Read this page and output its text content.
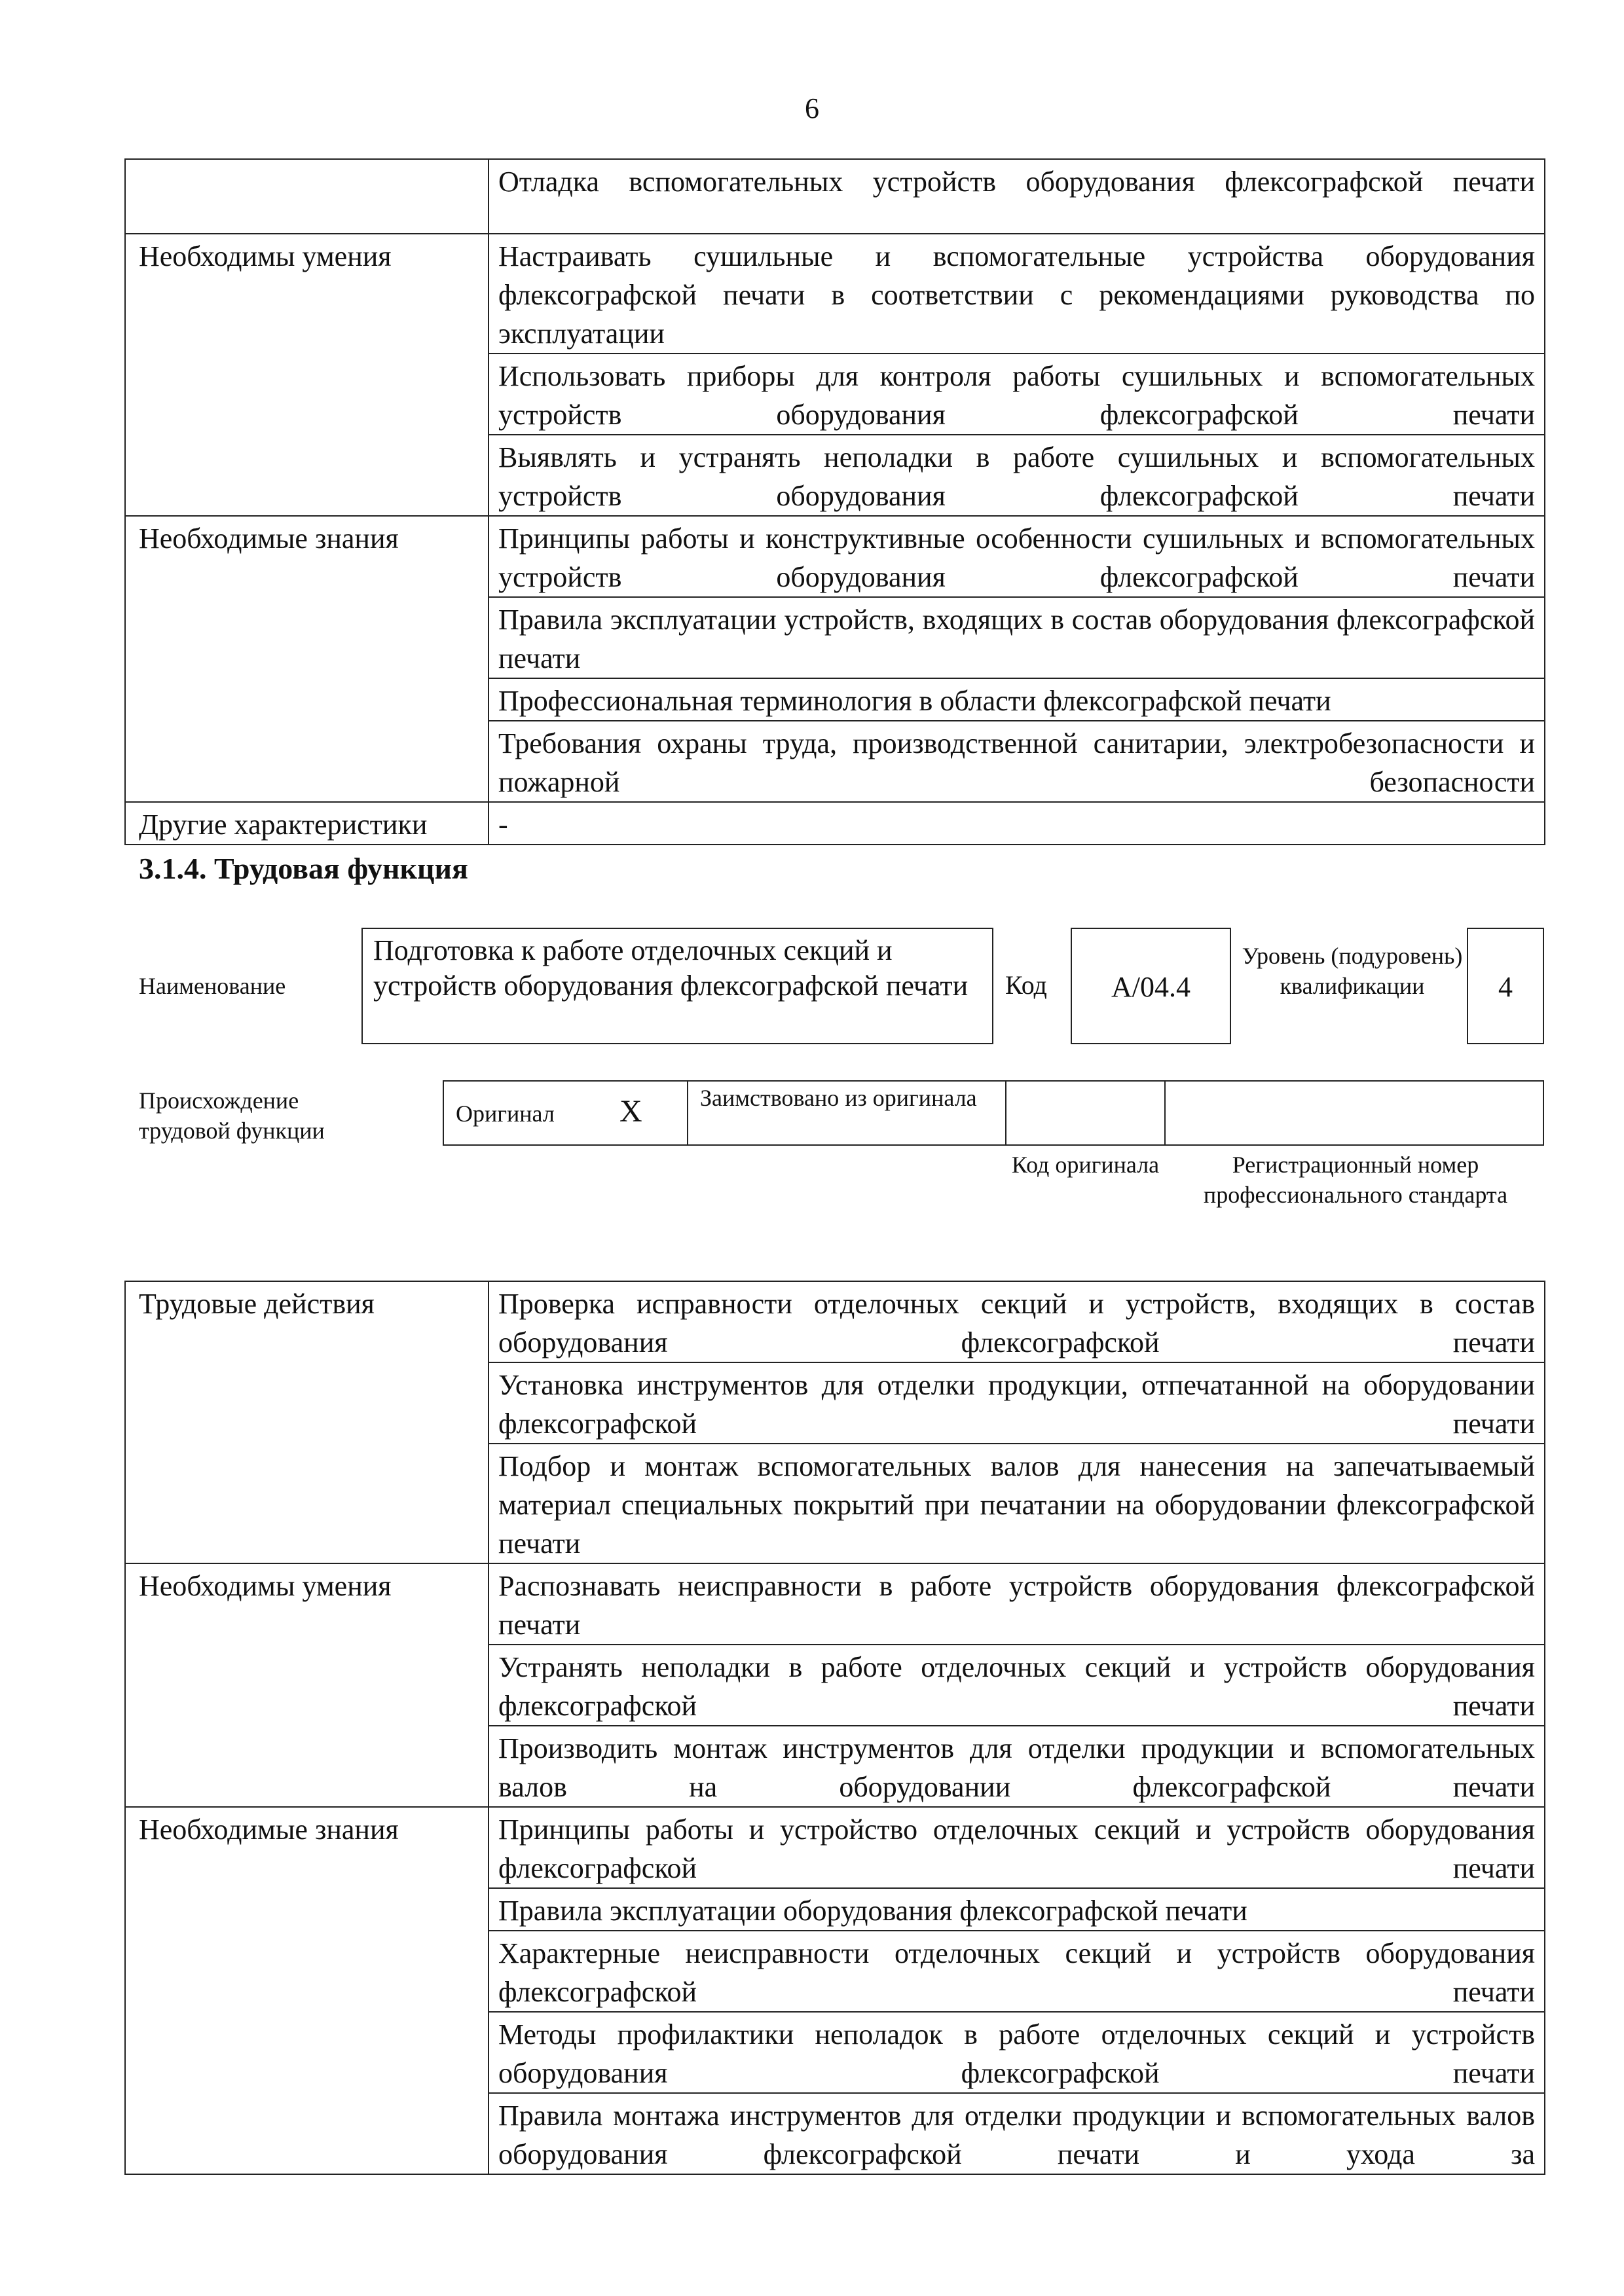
6
	Отладка вспомогательных устройств оборудования флексографской печати
Необходимы умения	Настраивать сушильные и вспомогательные устройства оборудования флексографской печати в соответствии с рекомендациями руководства по эксплуатации
	Использовать приборы для контроля работы сушильных и вспомогательных устройств оборудования флексографской печати
	Выявлять и устранять неполадки в работе сушильных и вспомогательных устройств оборудования флексографской печати
Необходимые знания	Принципы работы и конструктивные особенности сушильных и вспомогательных устройств оборудования флексографской печати
	Правила эксплуатации устройств, входящих в состав оборудования флексографской печати
	Профессиональная терминология в области флексографской печати
	Требования охраны труда, производственной санитарии, электробезопасности и пожарной безопасности
Другие характеристики	-
3.1.4. Трудовая функция
Наименование
Подготовка к работе отделочных секций и устройств оборудования флексографской печати	Код	А/04.4
Уровень (подуровень) квалификации	4
Происхождение трудовой функции
Оригинал X Заимствовано из оригинала
Код оригинала	Регистрационный номер профессионального стандарта
Трудовые действия	Проверка исправности отделочных секций и устройств, входящих в состав оборудования флексографской печати
	Установка инструментов для отделки продукции, отпечатанной на оборудовании флексографской печати
	Подбор и монтаж вспомогательных валов для нанесения на запечатываемый материал специальных покрытий при печатании на оборудовании флексографской печати
Необходимы умения	Распознавать неисправности в работе устройств оборудования флексографской печати
	Устранять неполадки в работе отделочных секций и устройств оборудования флексографской печати
	Производить монтаж инструментов для отделки продукции и вспомогательных валов на оборудовании флексографской печати
Необходимые знания	Принципы работы и устройство отделочных секций и устройств оборудования флексографской печати
	Правила эксплуатации оборудования флексографской печати
	Характерные неисправности отделочных секций и устройств оборудования флексографской печати
	Методы профилактики неполадок в работе отделочных секций и устройств оборудования флексографской печати
	Правила монтажа инструментов для отделки продукции и вспомогательных валов оборудования флексографской печати и ухода за
